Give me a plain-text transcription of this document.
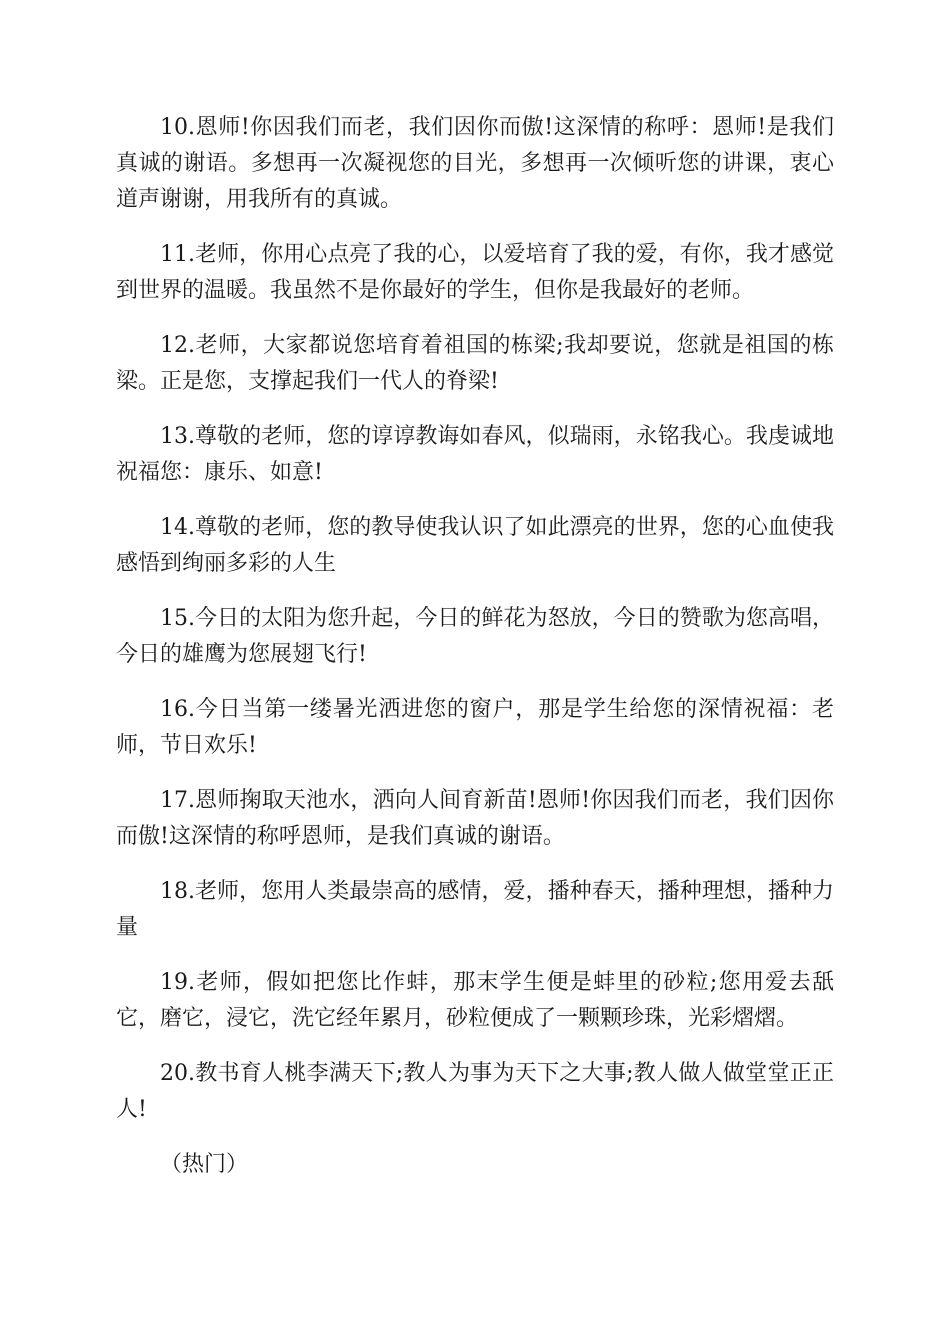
10.恩师!你因我们而老，我们因你而傲!这深情的称呼：恩师!是我们真诚的谢语。多想再一次凝视您的目光，多想再一次倾听您的讲课，衷心道声谢谢，用我所有的真诚。

11.老师，你用心点亮了我的心，以爱培育了我的爱，有你，我才感觉到世界的温暖。我虽然不是你最好的学生，但你是我最好的老师。

12.老师，大家都说您培育着祖国的栋梁;我却要说，您就是祖国的栋梁。正是您，支撑起我们一代人的脊梁!

13.尊敬的老师，您的谆谆教诲如春风，似瑞雨，永铭我心。我虔诚地祝福您：康乐、如意!

14.尊敬的老师，您的教导使我认识了如此漂亮的世界，您的心血使我感悟到绚丽多彩的人生

15.今日的太阳为您升起，今日的鲜花为怒放，今日的赞歌为您高唱，今日的雄鹰为您展翅飞行!

16.今日当第一缕暑光洒进您的窗户，那是学生给您的深情祝福：老师，节日欢乐!

17.恩师掬取天池水，洒向人间育新苗!恩师!你因我们而老，我们因你而傲!这深情的称呼恩师，是我们真诚的谢语。

18.老师，您用人类最崇高的感情，爱，播种春天，播种理想，播种力量

19.老师，假如把您比作蚌，那末学生便是蚌里的砂粒;您用爱去舐它，磨它，浸它，洗它经年累月，砂粒便成了一颗颗珍珠，光彩熠熠。

20.教书育人桃李满天下;教人为事为天下之大事;教人做人做堂堂正正人!

（热门）
